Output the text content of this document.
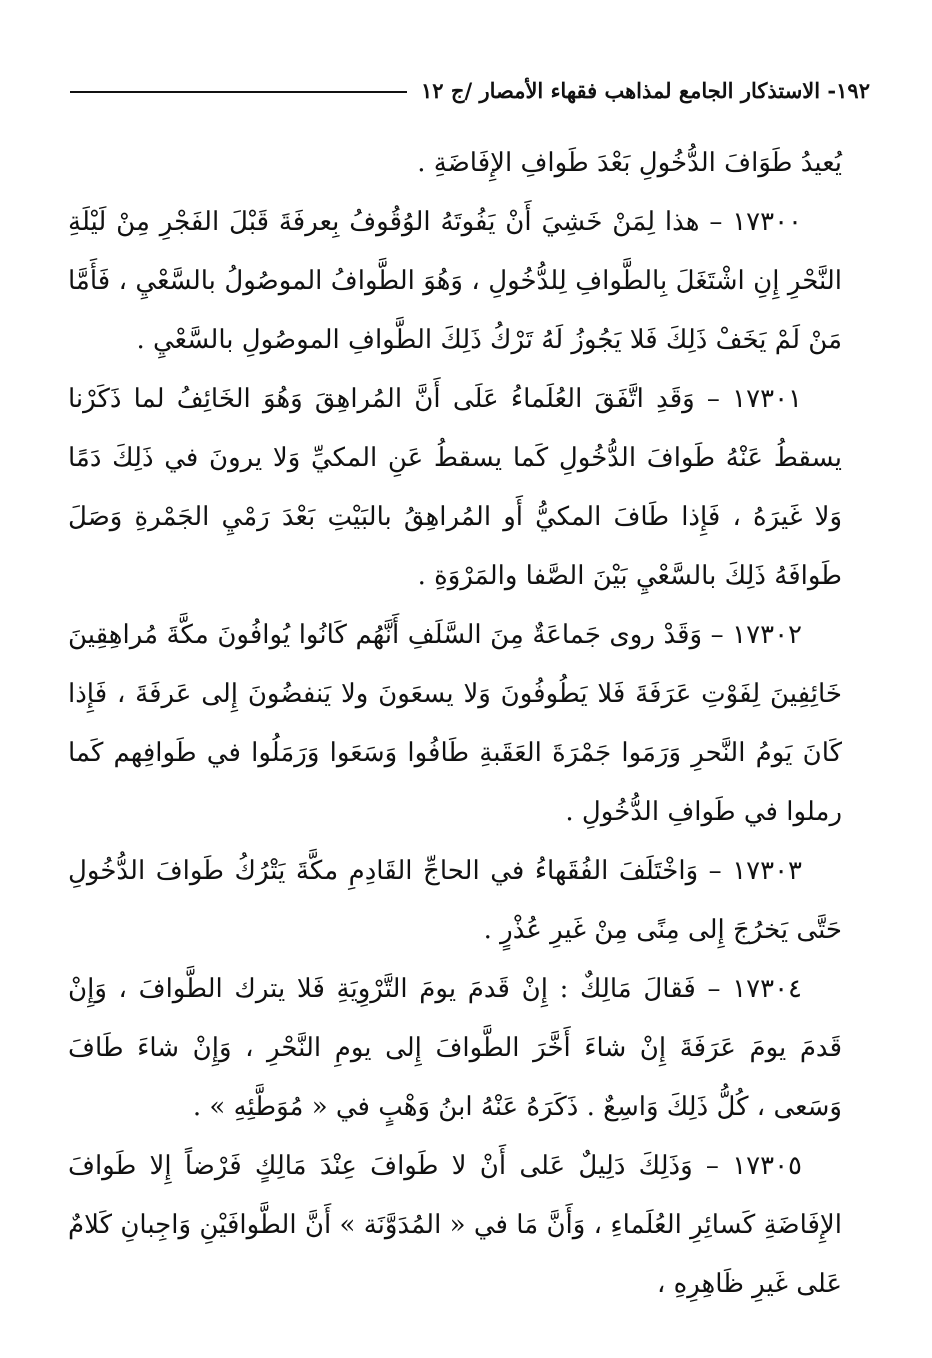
١٩٢- الاستذكار الجامع لمذاهب فقهاء الأمصار /ج ١٢

يُعيدُ طَوَافَ الدُّخُولِ بَعْدَ طَوافِ الإِفَاضَةِ .

١٧٣٠٠ – هذا لِمَنْ خَشِيَ أَنْ يَفُوتَهُ الوُقُوفُ بِعرفَةَ قَبْلَ الفَجْرِ مِنْ لَيْلَةِ النَّحْرِ إِنِ اشْتَغَلَ بِالطَّوافِ لِلدُّخُولِ ، وَهُوَ الطَّوافُ الموصُولُ بالسَّعْيِ ، فَأَمَّا مَنْ لَمْ يَخَفْ ذَلِكَ فَلا يَجُوزُ لَهُ تَرْكُ ذَلِكَ الطَّوافِ الموصُولِ بالسَّعْيِ .

١٧٣٠١ – وَقَدِ اتَّفَقَ العُلَماءُ عَلَى أَنَّ المُراهِقَ وَهُوَ الخَائِفُ لما ذَكَرْنا يسقطُ عَنْهُ طَوافَ الدُّخُولِ كَما يسقطُ عَنِ المكيِّ وَلا يرونَ في ذَلِكَ دَمًا وَلا غَيرَهُ ، فَإِذا طَافَ المكيُّ أَو المُراهِقُ بالبَيْتِ بَعْدَ رَمْيِ الجَمْرةِ وَصَلَ طَوافَهُ ذَلِكَ بالسَّعْيِ بَيْنَ الصَّفا والمَرْوَةِ .

١٧٣٠٢ – وَقَدْ روى جَماعَةٌ مِنَ السَّلَفِ أَنَّهُم كَانُوا يُوافُونَ مكَّةَ مُراهِقِينَ خَائِفِينَ لِفَوْتِ عَرَفَةَ فَلا يَطُوفُونَ وَلا يسعَونَ ولا يَنفضُونَ إِلى عَرفَةَ ، فَإِذا كَانَ يَومُ النَّحرِ وَرَمَوا جَمْرَةَ العَقَبةِ طَافُوا وَسَعَوا وَرَمَلُوا في طَوافِهم كَما رملوا في طَوافِ الدُّخُولِ .

١٧٣٠٣ – وَاخْتَلَفَ الفُقَهاءُ في الحاجِّ القَادِمِ مكَّةَ يَتْرُكُ طَوافَ الدُّخُولِ حَتَّى يَخرُجَ إِلى مِنًى مِنْ غَيرِ عُذْرٍ .

١٧٣٠٤ – فَقالَ مَالِكٌ : إِنْ قَدمَ يومَ التَّرْوِيَةِ فَلا يترك الطَّوافَ ، وَإِنْ قَدمَ يومَ عَرَفَةَ إِنْ شاءَ أَخَّرَ الطَّوافَ إِلى يومِ النَّحْرِ ، وَإِنْ شاءَ طَافَ وَسَعى ، كُلُّ ذَلِكَ وَاسِعٌ . ذَكَرَهُ عَنْهُ ابنُ وَهْبٍ في « مُوَطَّئِهِ » .

١٧٣٠٥ – وَذَلِكَ دَلِيلٌ عَلى أَنْ لا طَوافَ عِنْدَ مَالِكٍ فَرْضاً إِلا طَوافَ الإِفَاضَةِ كَسائِرِ العُلَماءِ ، وَأَنَّ مَا في « المُدَوَّنَة » أَنَّ الطَّوافَيْنِ وَاجِبانِ كَلامٌ عَلى غَيرِ ظَاهِرِهِ ،
